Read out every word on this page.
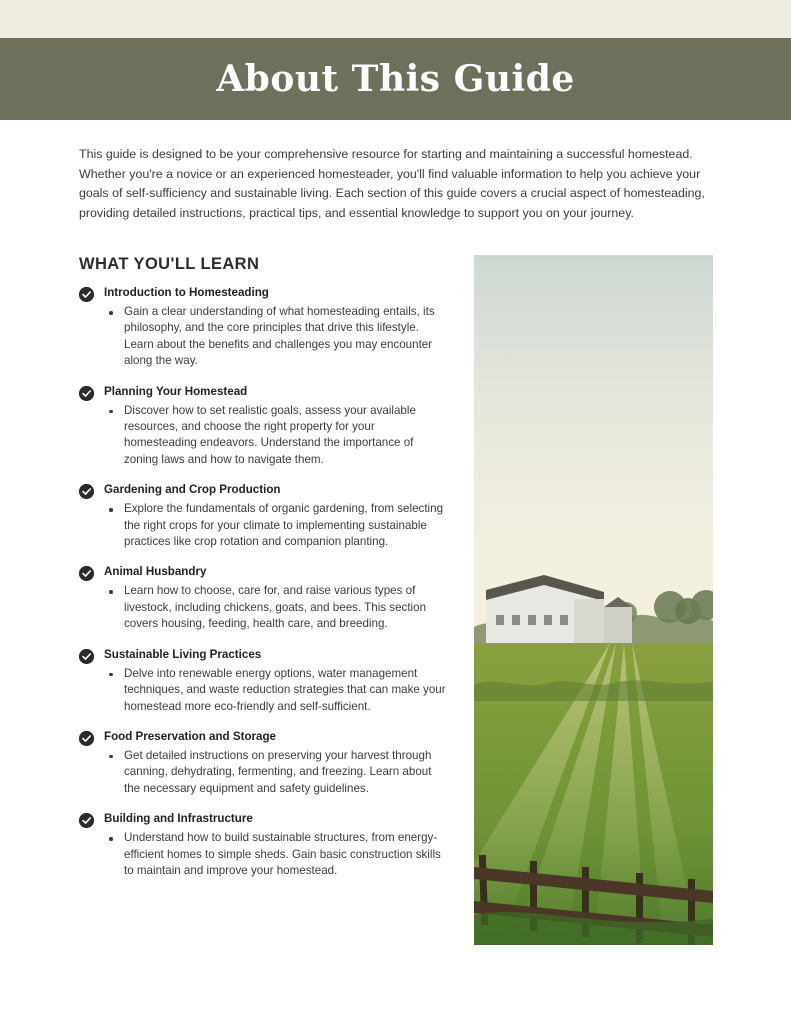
About This Guide

This guide is designed to be your comprehensive resource for starting and maintaining a successful homestead. Whether you're a novice or an experienced homesteader, you'll find valuable information to help you achieve your goals of self-sufficiency and sustainable living. Each section of this guide covers a crucial aspect of homesteading, providing detailed instructions, practical tips, and essential knowledge to support you on your journey.

WHAT YOU'LL LEARN
Introduction to Homesteading
Gain a clear understanding of what homesteading entails, its philosophy, and the core principles that drive this lifestyle. Learn about the benefits and challenges you may encounter along the way.
Planning Your Homestead
Discover how to set realistic goals, assess your available resources, and choose the right property for your homesteading endeavors. Understand the importance of zoning laws and how to navigate them.
Gardening and Crop Production
Explore the fundamentals of organic gardening, from selecting the right crops for your climate to implementing sustainable practices like crop rotation and companion planting.
Animal Husbandry
Learn how to choose, care for, and raise various types of livestock, including chickens, goats, and bees. This section covers housing, feeding, health care, and breeding.
Sustainable Living Practices
Delve into renewable energy options, water management techniques, and waste reduction strategies that can make your homestead more eco-friendly and self-sufficient.
Food Preservation and Storage
Get detailed instructions on preserving your harvest through canning, dehydrating, fermenting, and freezing. Learn about the necessary equipment and safety guidelines.
Building and Infrastructure
Understand how to build sustainable structures, from energy-efficient homes to simple sheds. Gain basic construction skills to maintain and improve your homestead.
